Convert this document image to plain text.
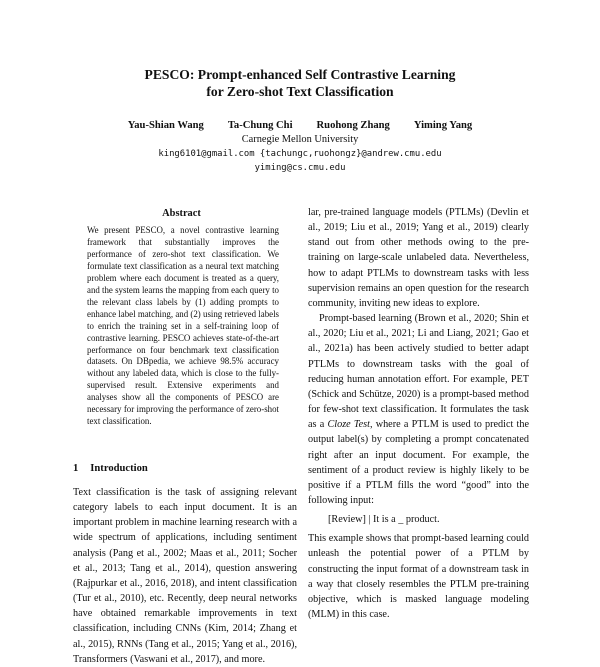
PESCO: Prompt-enhanced Self Contrastive Learning
for Zero-shot Text Classification
Yau-Shian Wang Ta-Chung Chi Ruohong Zhang Yiming Yang
Carnegie Mellon University
king6101@gmail.com {tachungc,ruohongz}@andrew.cmu.edu
yiming@cs.cmu.edu
Abstract
We present PESCO, a novel contrastive learning framework that substantially improves the performance of zero-shot text classification. We formulate text classification as a neural text matching problem where each document is treated as a query, and the system learns the mapping from each query to the relevant class labels by (1) adding prompts to enhance label matching, and (2) using retrieved labels to enrich the training set in a self-training loop of contrastive learning. PESCO achieves state-of-the-art performance on four benchmark text classification datasets. On DBpedia, we achieve 98.5% accuracy without any labeled data, which is close to the fully-supervised result. Extensive experiments and analyses show all the components of PESCO are necessary for improving the performance of zero-shot text classification.
1 Introduction

Text classification is the task of assigning relevant category labels to each input document. It is an important problem in machine learning research with a wide spectrum of applications, including sentiment analysis (Pang et al., 2002; Maas et al., 2011; Socher et al., 2013; Tang et al., 2014), question answering (Rajpurkar et al., 2016, 2018), and intent classification (Tur et al., 2010), etc. Recently, deep neural networks have obtained remarkable improvements in text classification, including CNNs (Kim, 2014; Zhang et al., 2015), RNNs (Tang et al., 2015; Yang et al., 2016), Transformers (Vaswani et al., 2017), and more.

lar, pre-trained language models (PTLMs) (Devlin et al., 2019; Liu et al., 2019; Yang et al., 2019) clearly stand out from other methods owing to the pre-training on large-scale unlabeled data. Nevertheless, how to adapt PTLMs to downstream tasks with less supervision remains an open question for the research community, inviting new ideas to explore.

Prompt-based learning (Brown et al., 2020; Shin et al., 2020; Liu et al., 2021; Li and Liang, 2021; Gao et al., 2021a) has been actively studied to better adapt PTLMs to downstream tasks with the goal of reducing human annotation effort. For example, PET (Schick and Schütze, 2020) is a prompt-based method for few-shot text classification. It formulates the task as a Cloze Test, where a PTLM is used to predict the output label(s) by completing a prompt concatenated right after an input document. For example, the sentiment of a product review is highly likely to be positive if a PTLM fills the word “good” into the following input:

[Review] | It is a _ product.

This example shows that prompt-based learning could unleash the potential power of a PTLM by constructing the input format of a downstream task in a way that closely resembles the PTLM pre-training objective, which is masked language modeling (MLM) in this case.
